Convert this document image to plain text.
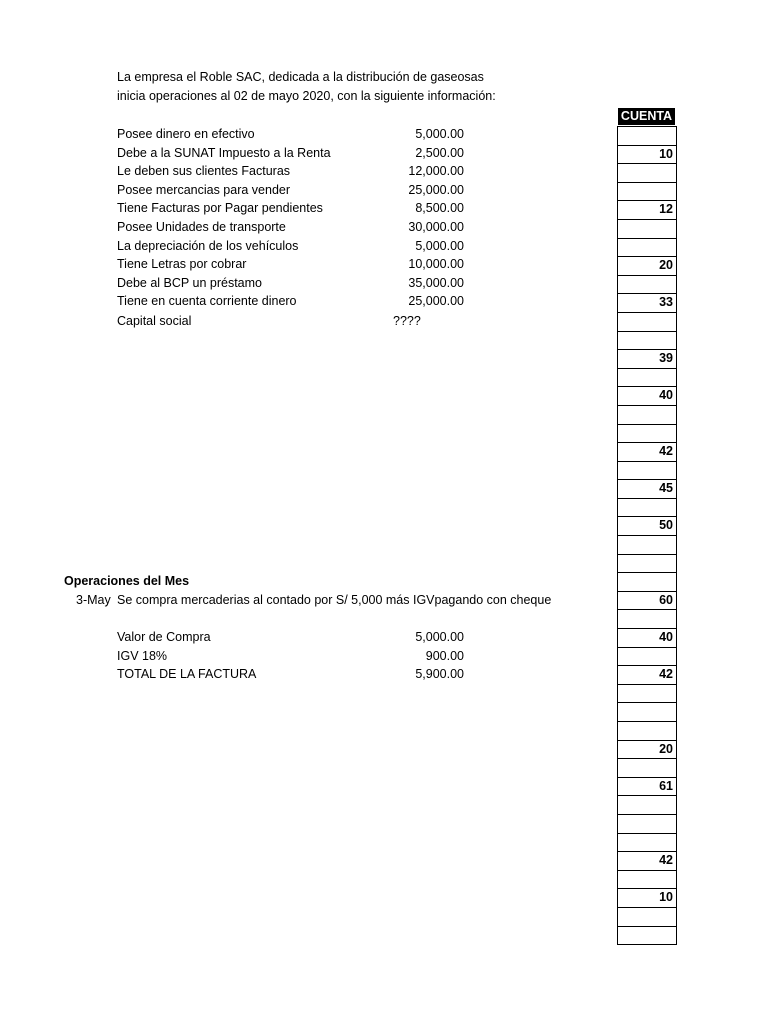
La empresa el Roble SAC, dedicada a la distribución de gaseosas
inicia operaciones al 02 de mayo 2020, con la siguiente información:
Posee dinero en efectivo	5,000.00
Debe a la SUNAT Impuesto a la Renta	2,500.00
Le deben sus clientes Facturas	12,000.00
Posee mercancias para vender	25,000.00
Tiene Facturas por Pagar pendientes	8,500.00
Posee Unidades de transporte	30,000.00
La depreciación de los vehículos	5,000.00
Tiene Letras por cobrar	10,000.00
Debe al BCP un préstamo	35,000.00
Tiene en cuenta corriente dinero	25,000.00
Capital social	????
Operaciones del Mes
3-May Se compra mercaderias al contado por S/ 5,000 más IGVpagando con cheque
Valor de Compra	5,000.00
IGV 18%	900.00
TOTAL DE LA FACTURA	5,900.00
CUENTA
10
12
20
33
39
40
42
45
50
60
40
42
20
61
42
10
